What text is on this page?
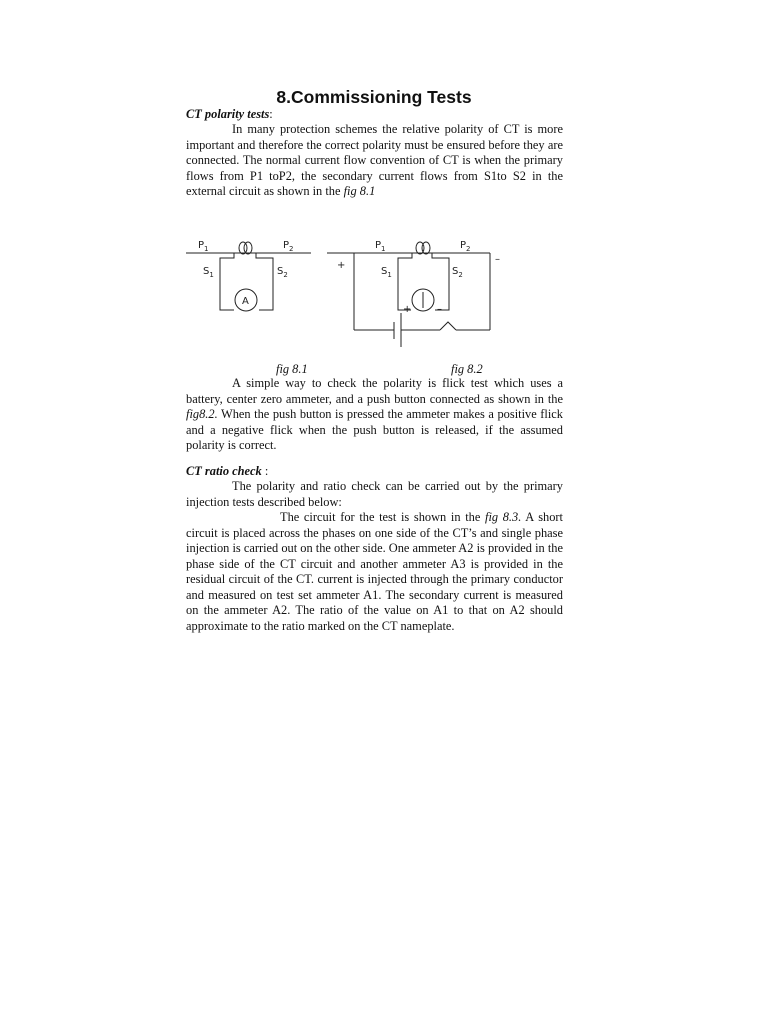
8.Commissioning Tests
CT polarity tests:

In many protection schemes the relative polarity of CT is more important and therefore the correct polarity must be ensured before they are connected. The normal current flow convention of CT is when the primary flows from P1 toP2, the secondary current flows from S1to S2 in the external circuit as shown in the fig 8.1

$P_1$	$P_2$
$S_1$	$S_2$
A
$P_1$	$P_2$
$S_1$	$S_2$
+
–
+	–
fig 8.1	fig 8.2

A simple way to check the polarity is flick test which uses a battery, center zero ammeter, and a push button connected as shown in the fig8.2. When the push button is pressed the ammeter makes a positive flick and a negative flick when the push button is released, if the assumed polarity is correct.

CT ratio check :

The polarity and ratio check can be carried out by the primary injection tests described below:

The circuit for the test is shown in the fig 8.3. A short circuit is placed across the phases on one side of the CT’s and single phase injection is carried out on the other side. One ammeter A2 is provided in the phase side of the CT circuit and another ammeter A3 is provided in the residual circuit of the CT. current is injected through the primary conductor and measured on test set ammeter A1. The secondary current is measured on the ammeter A2. The ratio of the value on A1 to that on A2 should approximate to the ratio marked on the CT nameplate.
